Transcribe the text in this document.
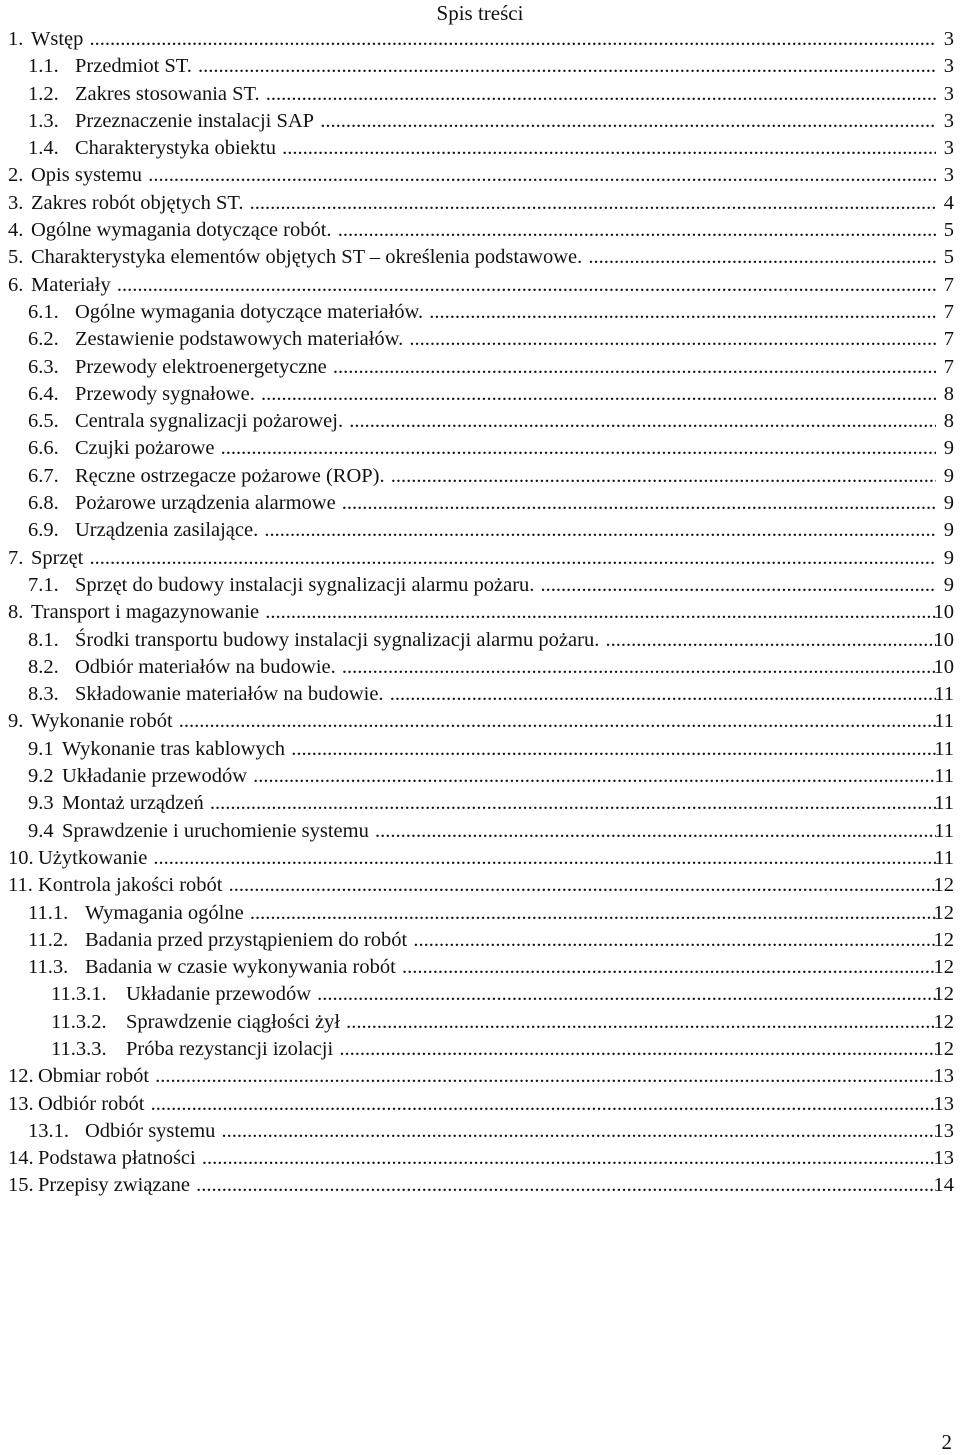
Spis treści
1. Wstęp .....	3
1.1. Przedmiot ST. .....	3
1.2. Zakres stosowania ST. .....	3
1.3. Przeznaczenie instalacji SAP .....	3
1.4. Charakterystyka obiektu .....	3
2. Opis systemu .....	3
3. Zakres robót objętych ST. .....	4
4. Ogólne wymagania dotyczące robót. .....	5
5. Charakterystyka elementów objętych ST – określenia podstawowe. .....	5
6. Materiały .....	7
6.1. Ogólne wymagania dotyczące materiałów. .....	7
6.2. Zestawienie podstawowych materiałów. .....	7
6.3. Przewody elektroenergetyczne .....	7
6.4. Przewody sygnałowe. .....	8
6.5. Centrala sygnalizacji pożarowej. .....	8
6.6. Czujki pożarowe .....	9
6.7. Ręczne ostrzegacze pożarowe (ROP). .....	9
6.8. Pożarowe urządzenia alarmowe .....	9
6.9. Urządzenia zasilające. .....	9
7. Sprzęt .....	9
7.1. Sprzęt do budowy instalacji sygnalizacji alarmu pożaru. .....	9
8. Transport i magazynowanie .....	10
8.1. Środki transportu budowy instalacji sygnalizacji alarmu pożaru. .....	10
8.2. Odbiór materiałów na budowie. .....	10
8.3. Składowanie materiałów na budowie. .....	11
9. Wykonanie robót .....	11
9.1 Wykonanie tras kablowych .....	11
9.2 Układanie przewodów .....	11
9.3 Montaż urządzeń .....	11
9.4 Sprawdzenie i uruchomienie systemu .....	11
10. Użytkowanie .....	11
11. Kontrola jakości robót .....	12
11.1. Wymagania ogólne .....	12
11.2. Badania przed przystąpieniem do robót .....	12
11.3. Badania w czasie wykonywania robót .....	12
11.3.1. Układanie przewodów .....	12
11.3.2. Sprawdzenie ciągłości żył .....	12
11.3.3. Próba rezystancji izolacji .....	12
12. Obmiar robót .....	13
13. Odbiór robót .....	13
13.1. Odbiór systemu .....	13
14. Podstawa płatności .....	13
15. Przepisy związane .....	14
2
